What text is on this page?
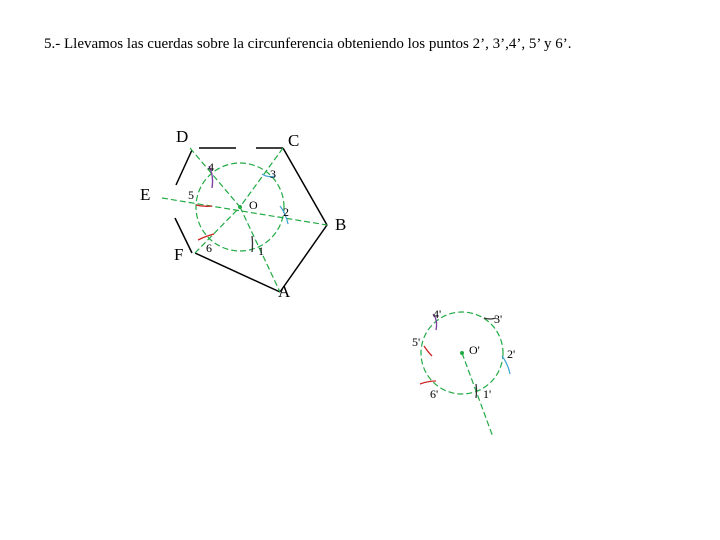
5.- Llevamos las cuerdas sobre la circunferencia obteniendo los puntos 2’, 3’,4’, 5’ y 6’.
D	C
E
B
F
A
O
1
2
3
4
5
6
O'
1'
2'
3'
4'
5'
6'
